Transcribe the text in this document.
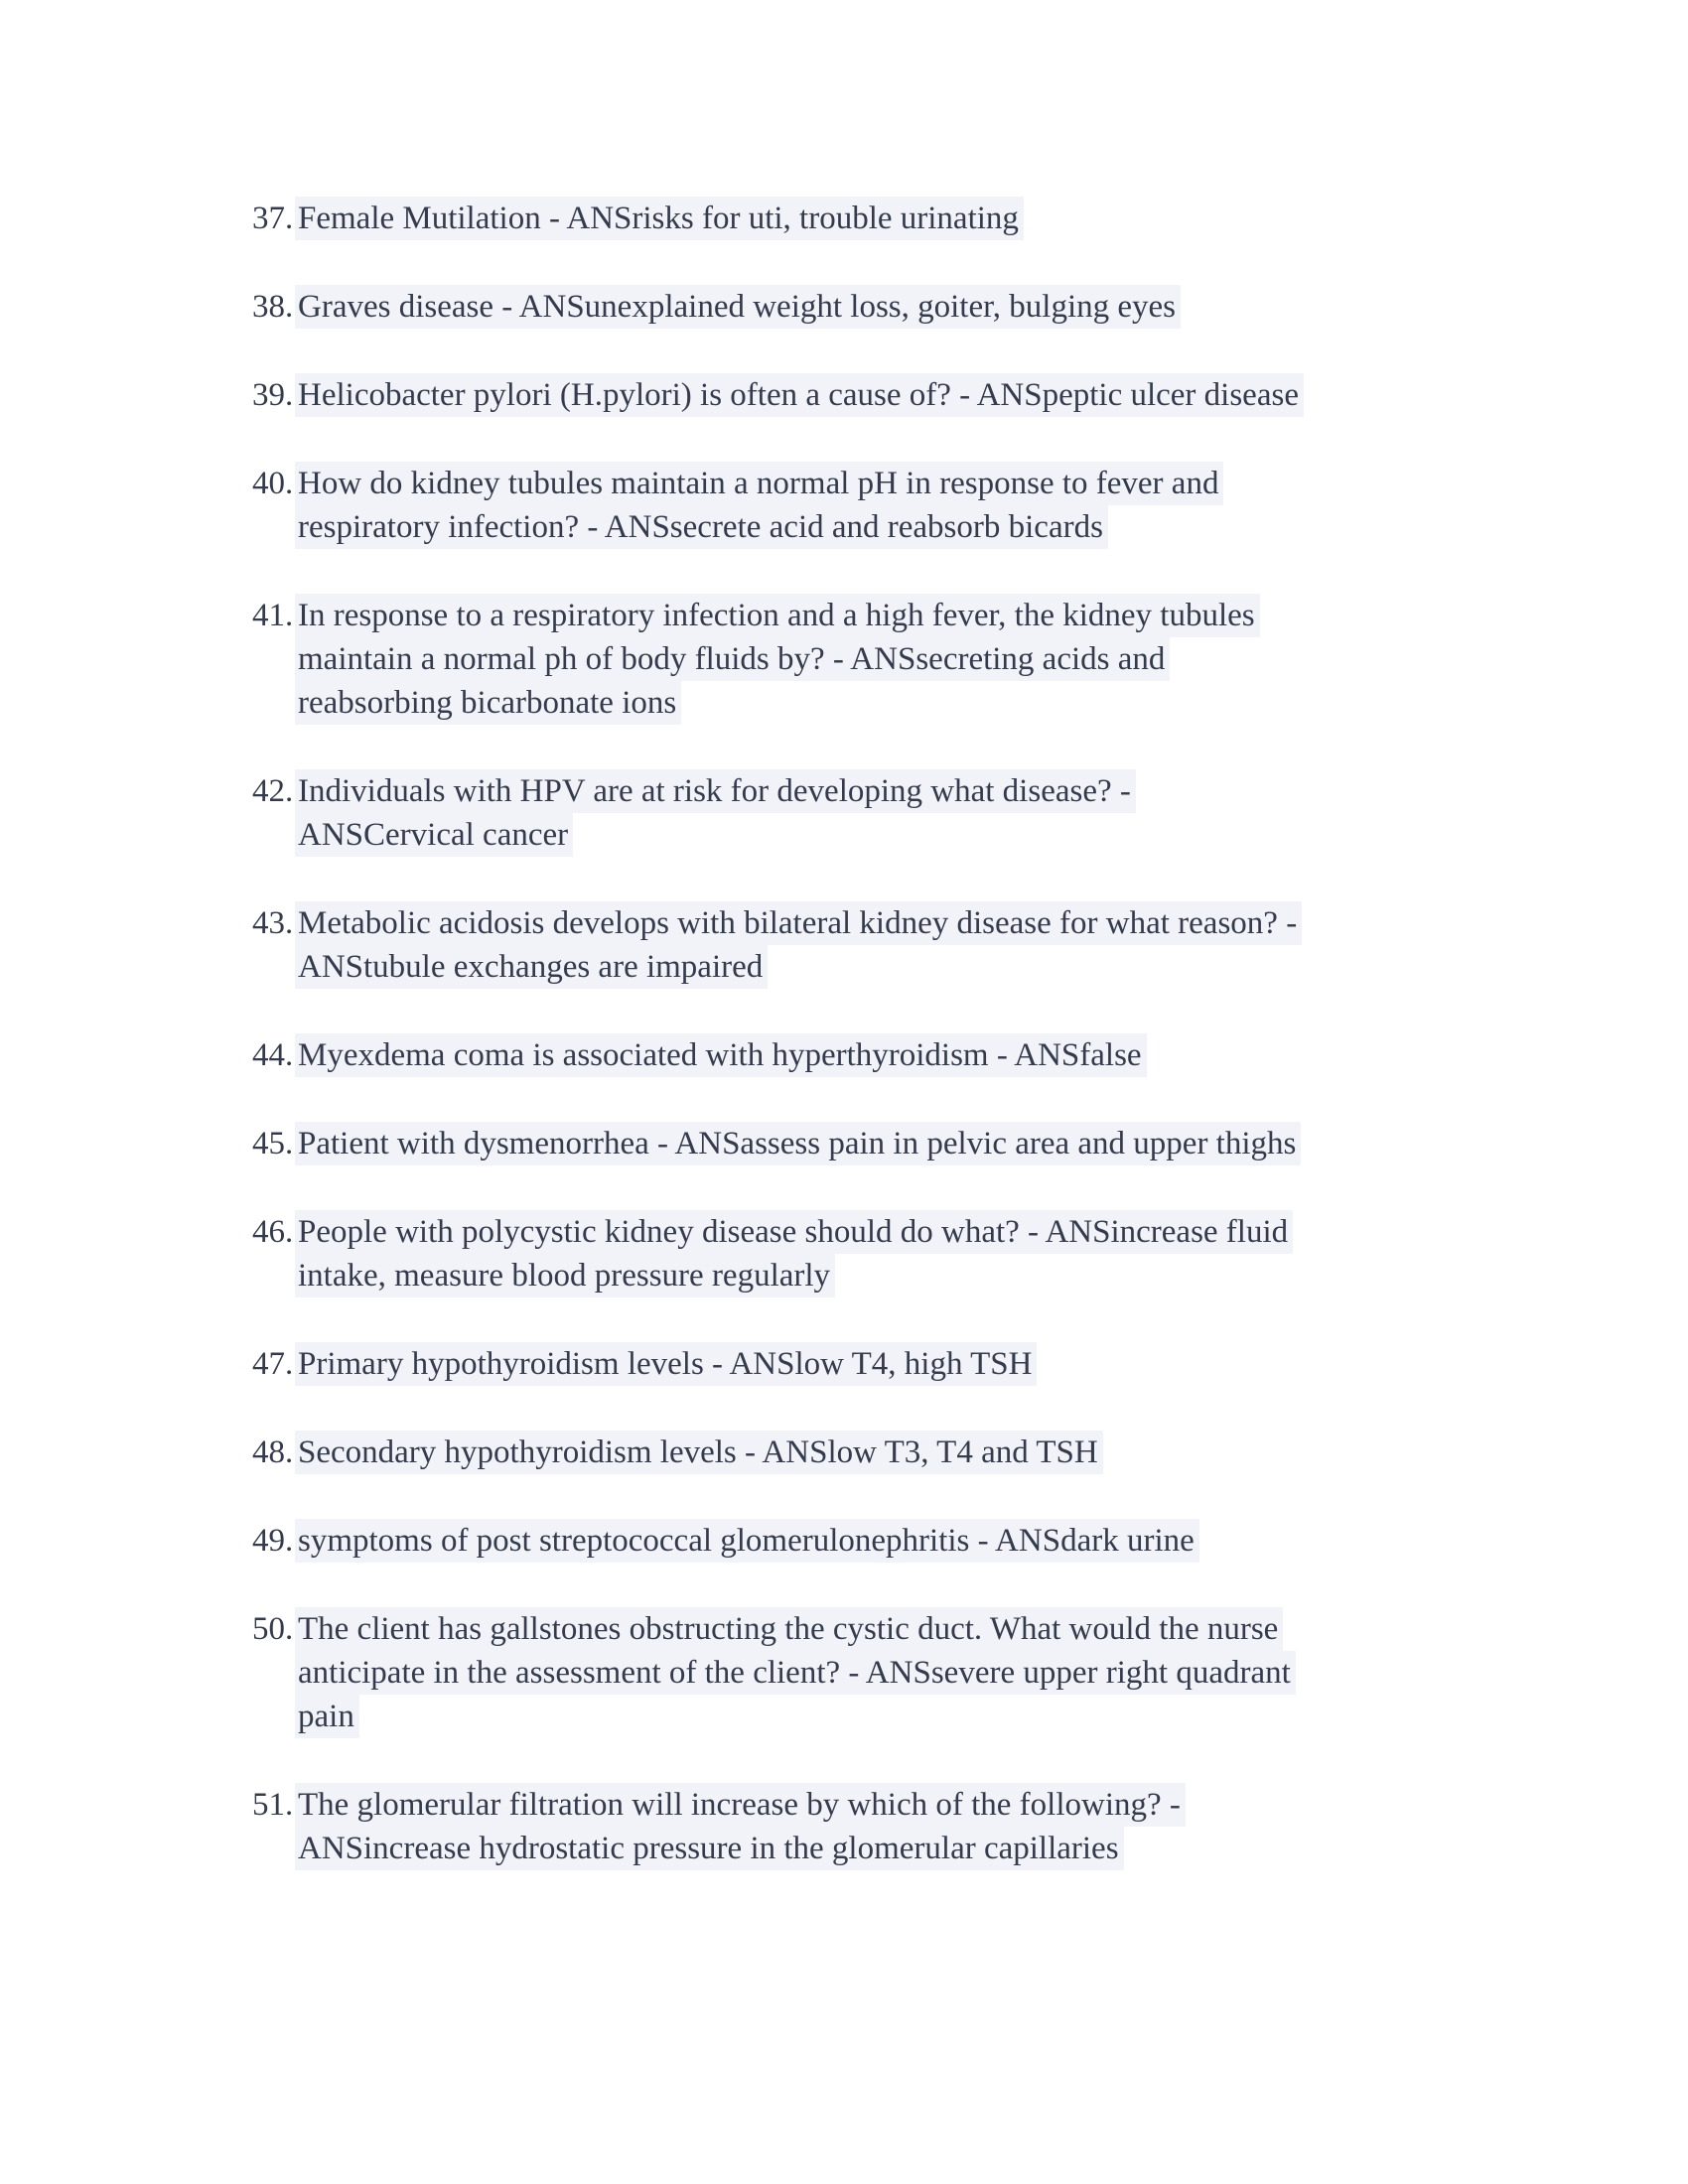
37. Female Mutilation - ANSrisks for uti, trouble urinating
38. Graves disease - ANSunexplained weight loss, goiter, bulging eyes
39. Helicobacter pylori (H.pylori) is often a cause of? - ANSpeptic ulcer disease
40. How do kidney tubules maintain a normal pH in response to fever and
respiratory infection? - ANSsecrete acid and reabsorb bicards
41. In response to a respiratory infection and a high fever, the kidney tubules
maintain a normal ph of body fluids by? - ANSsecreting acids and
reabsorbing bicarbonate ions
42. Individuals with HPV are at risk for developing what disease? -
ANSCervical cancer
43. Metabolic acidosis develops with bilateral kidney disease for what reason? -
ANStubule exchanges are impaired
44. Myexdema coma is associated with hyperthyroidism - ANSfalse
45. Patient with dysmenorrhea - ANSassess pain in pelvic area and upper thighs
46. People with polycystic kidney disease should do what? - ANSincrease fluid
intake, measure blood pressure regularly
47. Primary hypothyroidism levels - ANSlow T4, high TSH
48. Secondary hypothyroidism levels - ANSlow T3, T4 and TSH
49. symptoms of post streptococcal glomerulonephritis - ANSdark urine
50. The client has gallstones obstructing the cystic duct. What would the nurse
anticipate in the assessment of the client? - ANSsevere upper right quadrant
pain
51. The glomerular filtration will increase by which of the following? -
ANSincrease hydrostatic pressure in the glomerular capillaries
